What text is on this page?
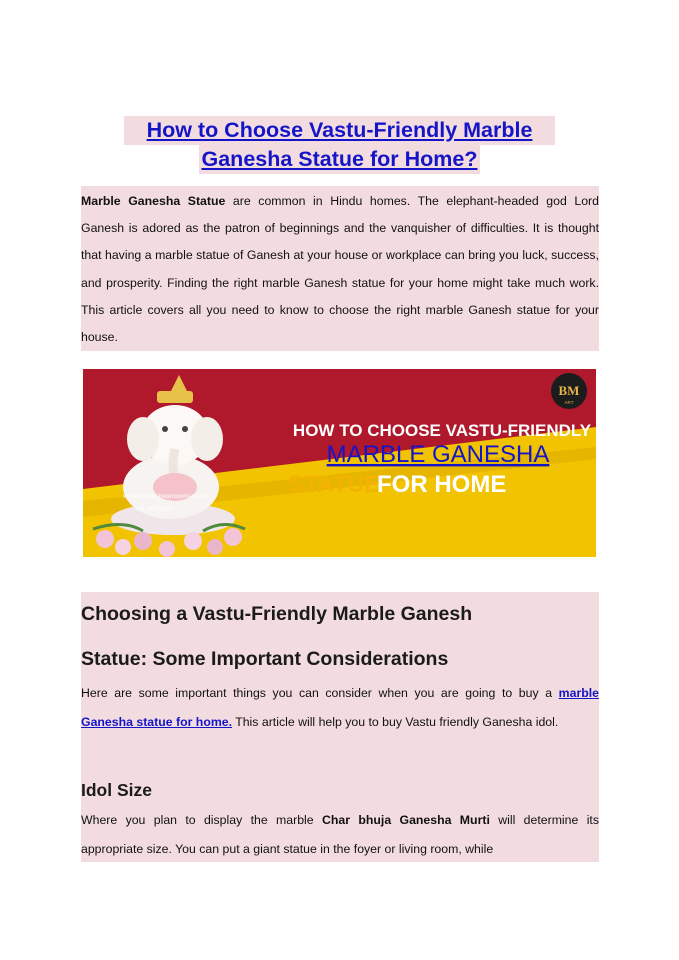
How to Choose Vastu-Friendly Marble
Ganesha Statue for Home?
Marble Ganesha Statue are common in Hindu homes. The elephant-headed god Lord Ganesh is adored as the patron of beginnings and the vanquisher of difficulties. It is thought that having a marble statue of Ganesh at your house or workplace can bring you luck, success, and prosperity. Finding the right marble Ganesh statue for your home might take much work. This article covers all you need to know to choose the right marble Ganesh statue for your house.
www.bhumeshwarmoortiart.com
+91 88476877
BM
ART
HOW TO CHOOSE VASTU-FRIENDLY
MARBLE GANESHA
STATUE
FOR HOME
Choosing a Vastu-Friendly Marble Ganesh
Statue: Some Important Considerations
Here are some important things you can consider when you are going to buy a marble Ganesha statue for home. This article will help you to buy Vastu friendly Ganesha idol.
Idol Size
Where you plan to display the marble Char bhuja Ganesha Murti will determine its appropriate size. You can put a giant statue in the foyer or living room, while
